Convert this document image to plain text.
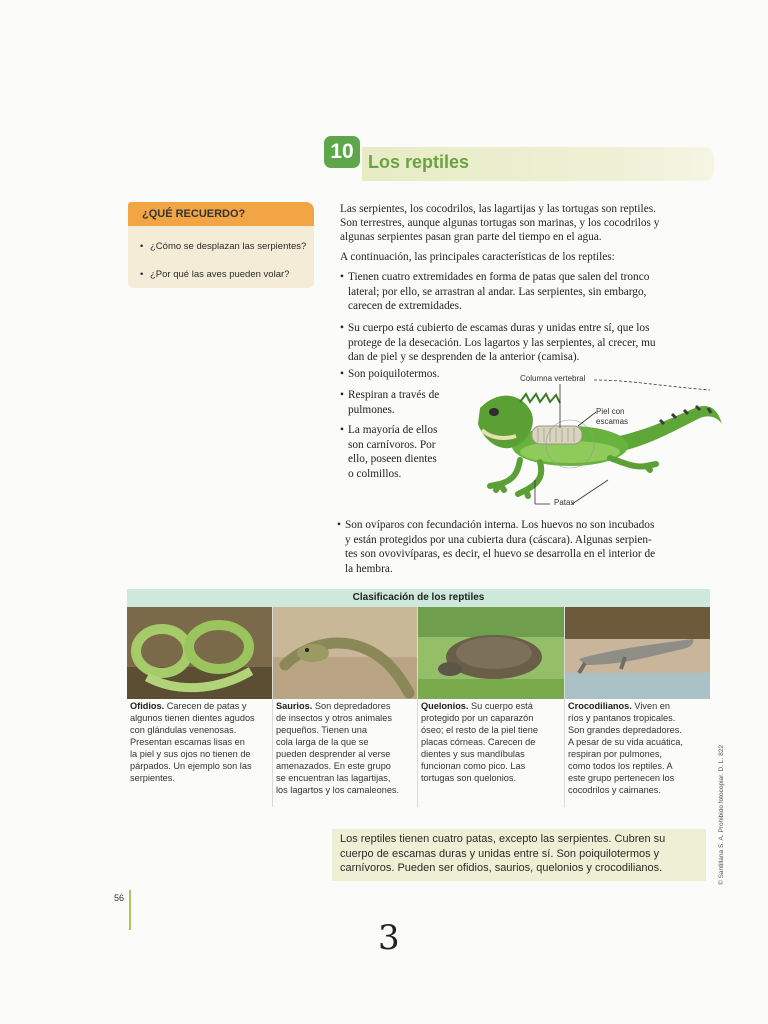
10 Los reptiles
¿QUÉ RECUERDO?
• ¿Cómo se desplazan las serpientes?
• ¿Por qué las aves pueden volar?
Las serpientes, los cocodrilos, las lagartijas y las tortugas son reptiles.
Son terrestres, aunque algunas tortugas son marinas, y los cocodrilos y
algunas serpientes pasan gran parte del tiempo en el agua.
A continuación, las principales características de los reptiles:
• Tienen cuatro extremidades en forma de patas que salen del tronco
lateral; por ello, se arrastran al andar. Las serpientes, sin embargo,
carecen de extremidades.
• Su cuerpo está cubierto de escamas duras y unidas entre sí, que los
protege de la desecación. Los lagartos y las serpientes, al crecer, mu
dan de piel y se desprenden de la anterior (camisa).
• Son poiquilotermos.
• Respiran a través de
pulmones.
• La mayoría de ellos
son carnívoros. Por
ello, poseen dientes
o colmillos.
Columna vertebral
Piel con escamas
Patas
• Son ovíparos con fecundación interna. Los huevos no son incubados
y están protegidos por una cubierta dura (cáscara). Algunas serpien-
tes son ovovivíparas, es decir, el huevo se desarrolla en el interior de
la hembra.
Clasificación de los reptiles
Ofidios. Carecen de patas y
algunos tienen dientes agudos
con glándulas venenosas.
Presentan escamas lisas en
la piel y sus ojos no tienen de
párpados. Un ejemplo son las
serpientes.
Saurios. Son depredadores
de insectos y otros animales
pequeños. Tienen una
cola larga de la que se
pueden desprender al verse
amenazados. En este grupo
se encuentran las lagartijas,
los lagartos y los camaleones.
Quelonios. Su cuerpo está
protegido por un caparazón
óseo; el resto de la piel tiene
placas córneas. Carecen de
dientes y sus mandíbulas
funcionan como pico. Las
tortugas son quelonios.
Crocodilianos. Viven en
ríos y pantanos tropicales.
Son grandes depredadores.
A pesar de su vida acuática,
respiran por pulmones,
como todos los reptiles. A
este grupo pertenecen los
cocodrilos y caimanes.
Los reptiles tienen cuatro patas, excepto las serpientes. Cubren su
cuerpo de escamas duras y unidas entre sí. Son poiquilotermos y
carnívoros. Pueden ser ofidios, saurios, quelonios y crocodilianos.
56
3
© Santillana S. A. Prohibido fotocopiar. D. L. 822
